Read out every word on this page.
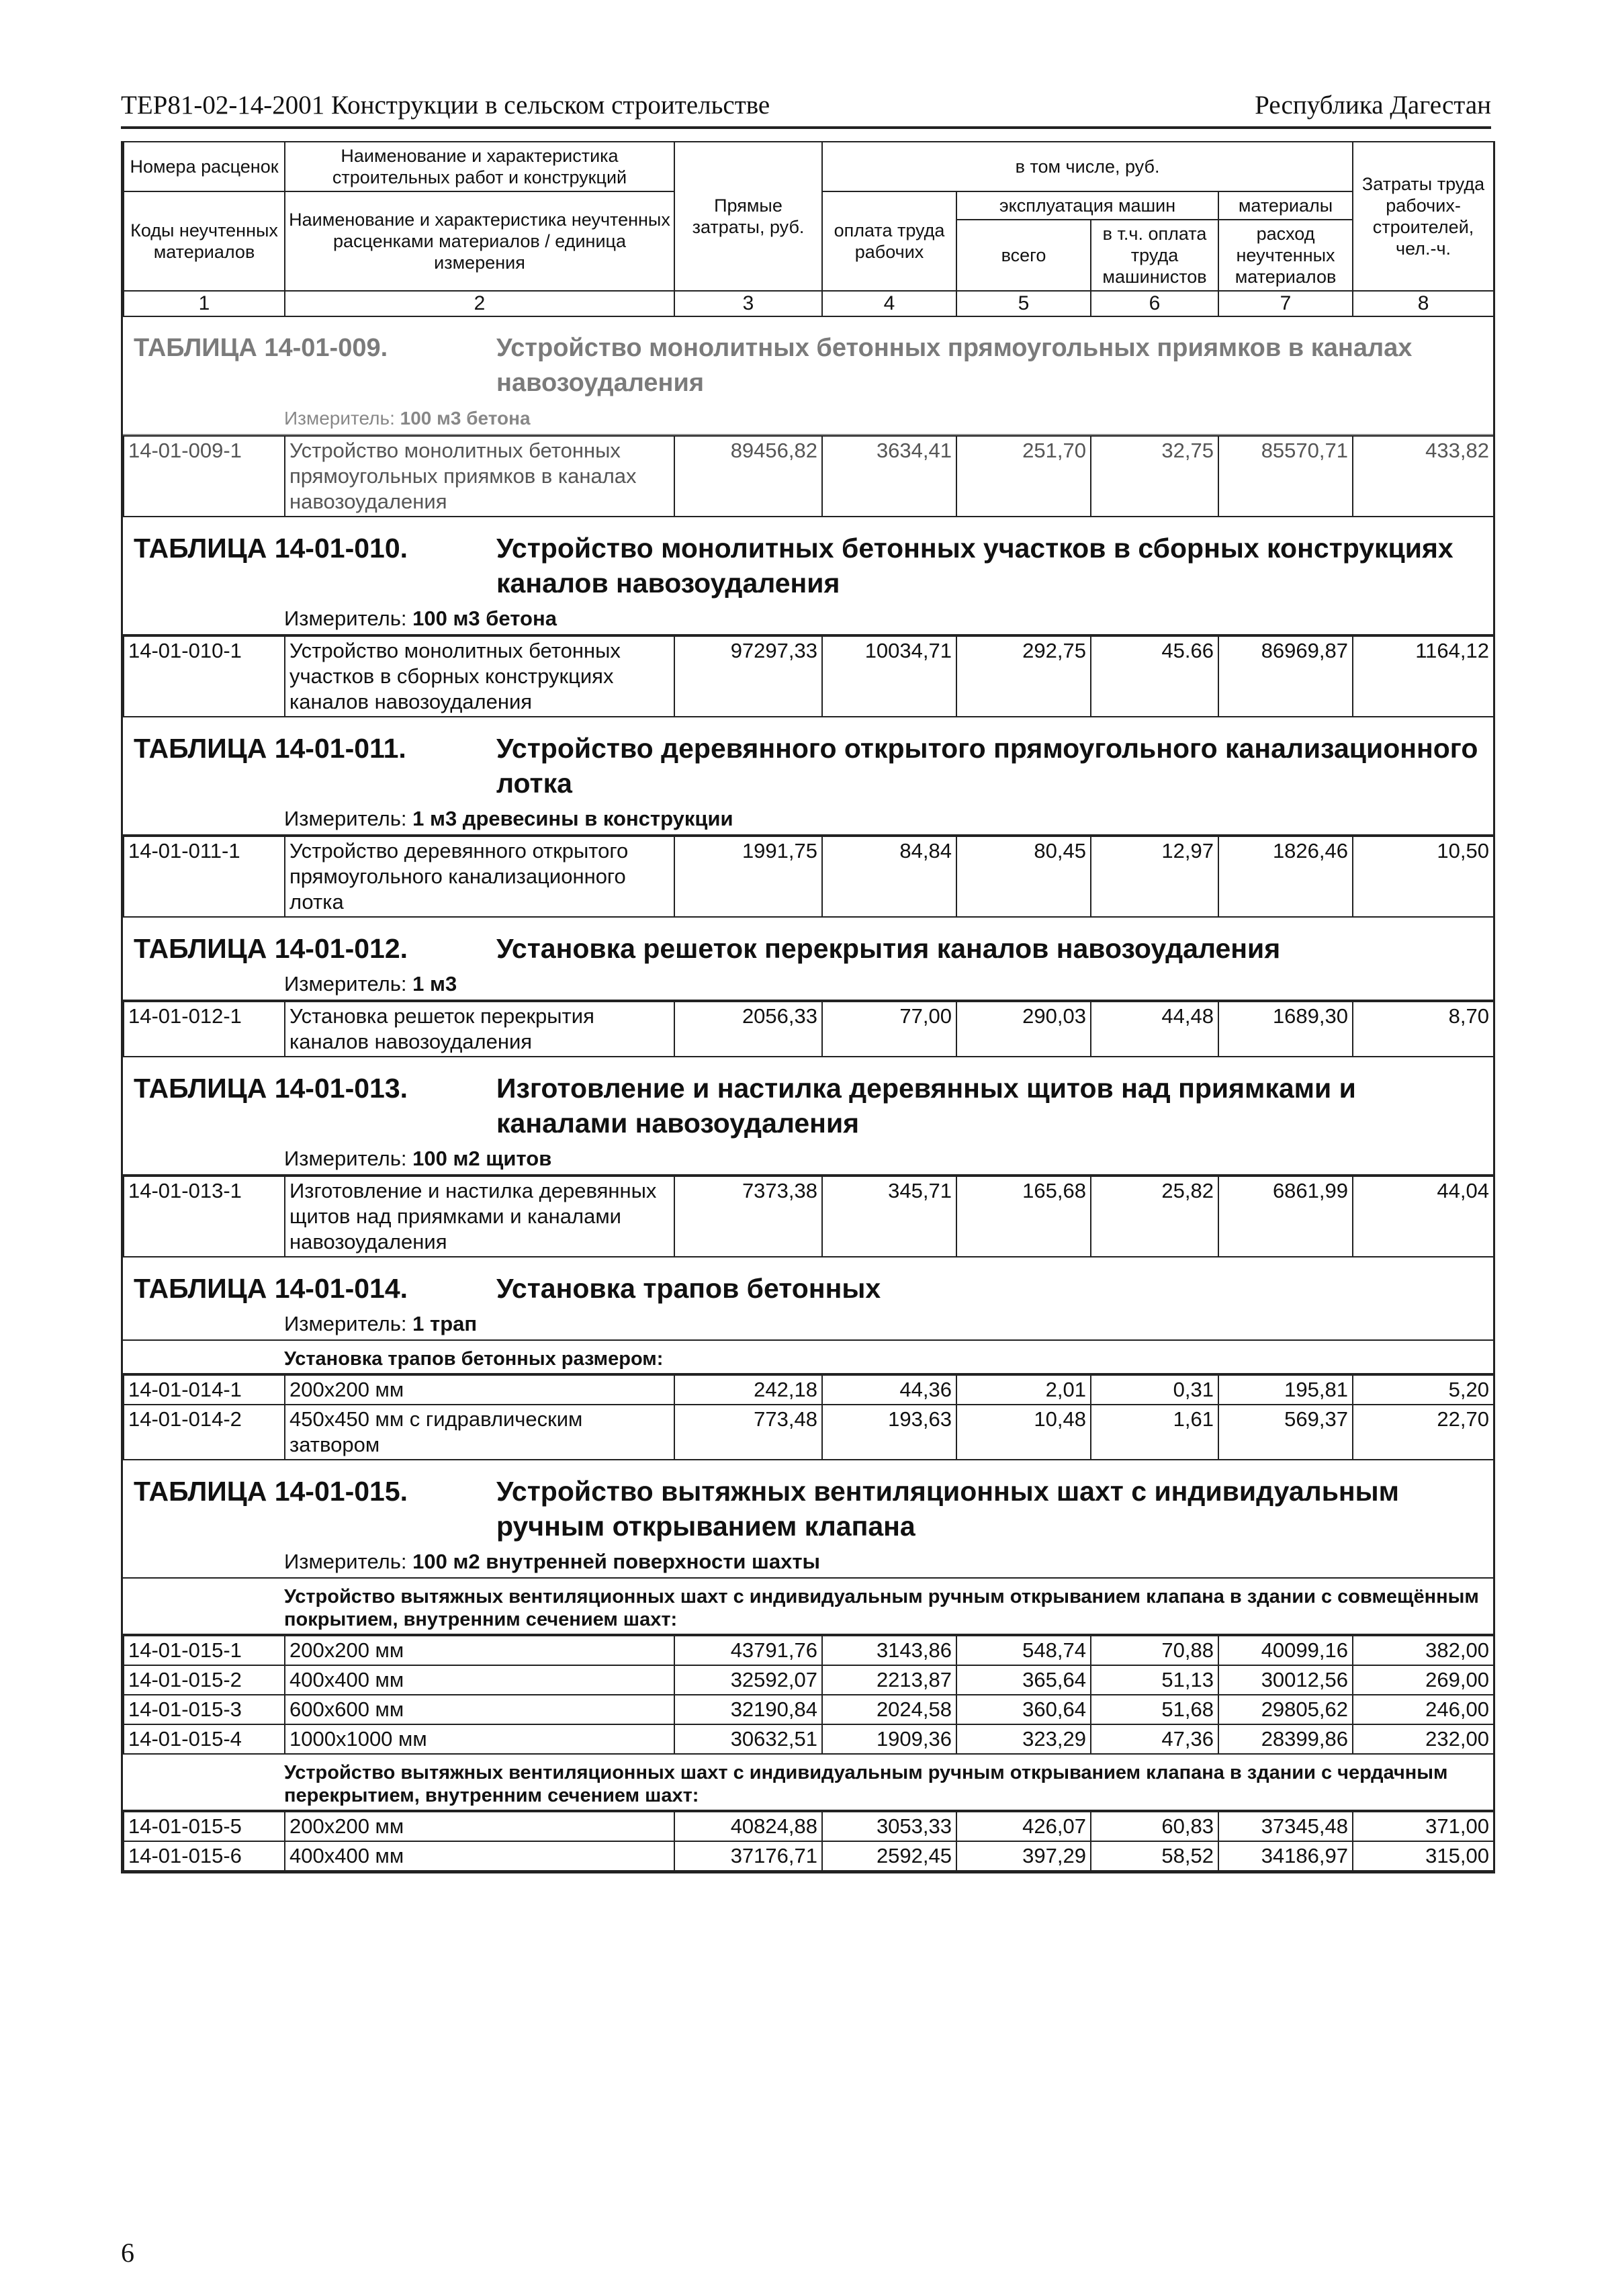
ТЕР81-02-14-2001 Конструкции в сельском строительстве	Республика Дагестан
Номера расценок	Наименование и характеристика строительных работ и конструкций	Прямые затраты, руб.	в том числе, руб.				Затраты труда рабочих-строителей, чел.-ч.
Коды неучтенных материалов	Наименование и характеристика неучтенных расценками материалов / единица измерения		оплата труда рабочих	эксплуатация машин		материалы	
				всего	в т.ч. оплата труда машинистов	расход неучтенных материалов	
1	2	3	4	5	6	7	8
ТАБЛИЦА 14-01-009.	Устройство монолитных бетонных прямоугольных приямков в каналах навозоудаления
Измеритель: 100 м3 бетона
14-01-009-1	Устройство монолитных бетонных прямоугольных приямков в каналах навозоудаления	89456,82	3634,41	251,70	32,75	85570,71	433,82
ТАБЛИЦА 14-01-010.	Устройство монолитных бетонных участков в сборных конструкциях каналов навозоудаления
Измеритель: 100 м3 бетона
14-01-010-1	Устройство монолитных бетонных участков в сборных конструкциях каналов навозоудаления	97297,33	10034,71	292,75	45.66	86969,87	1164,12
ТАБЛИЦА 14-01-011.	Устройство деревянного открытого прямоугольного канализационного лотка
Измеритель: 1 м3 древесины в конструкции
14-01-011-1	Устройство деревянного открытого прямоугольного канализационного лотка	1991,75	84,84	80,45	12,97	1826,46	10,50
ТАБЛИЦА 14-01-012.	Установка решеток перекрытия каналов навозоудаления
Измеритель: 1 м3
14-01-012-1	Установка решеток перекрытия каналов навозоудаления	2056,33	77,00	290,03	44,48	1689,30	8,70
ТАБЛИЦА 14-01-013.	Изготовление и настилка деревянных щитов над приямками и каналами навозоудаления
Измеритель: 100 м2 щитов
14-01-013-1	Изготовление и настилка деревянных щитов над приямками и каналами навозоудаления	7373,38	345,71	165,68	25,82	6861,99	44,04
ТАБЛИЦА 14-01-014.	Установка трапов бетонных
Измеритель: 1 трап
Установка трапов бетонных размером:
14-01-014-1	200х200 мм	242,18	44,36	2,01	0,31	195,81	5,20
14-01-014-2	450х450 мм с гидравлическим затвором	773,48	193,63	10,48	1,61	569,37	22,70
ТАБЛИЦА 14-01-015.	Устройство вытяжных вентиляционных шахт с индивидуальным ручным открыванием клапана
Измеритель: 100 м2 внутренней поверхности шахты
Устройство вытяжных вентиляционных шахт с индивидуальным ручным открыванием клапана в здании с совмещённым покрытием, внутренним сечением шахт:
14-01-015-1	200х200 мм	43791,76	3143,86	548,74	70,88	40099,16	382,00
14-01-015-2	400х400 мм	32592,07	2213,87	365,64	51,13	30012,56	269,00
14-01-015-3	600х600 мм	32190,84	2024,58	360,64	51,68	29805,62	246,00
14-01-015-4	1000х1000 мм	30632,51	1909,36	323,29	47,36	28399,86	232,00
Устройство вытяжных вентиляционных шахт с индивидуальным ручным открыванием клапана в здании с чердачным перекрытием, внутренним сечением шахт:
14-01-015-5	200х200 мм	40824,88	3053,33	426,07	60,83	37345,48	371,00
14-01-015-6	400х400 мм	37176,71	2592,45	397,29	58,52	34186,97	315,00
6
